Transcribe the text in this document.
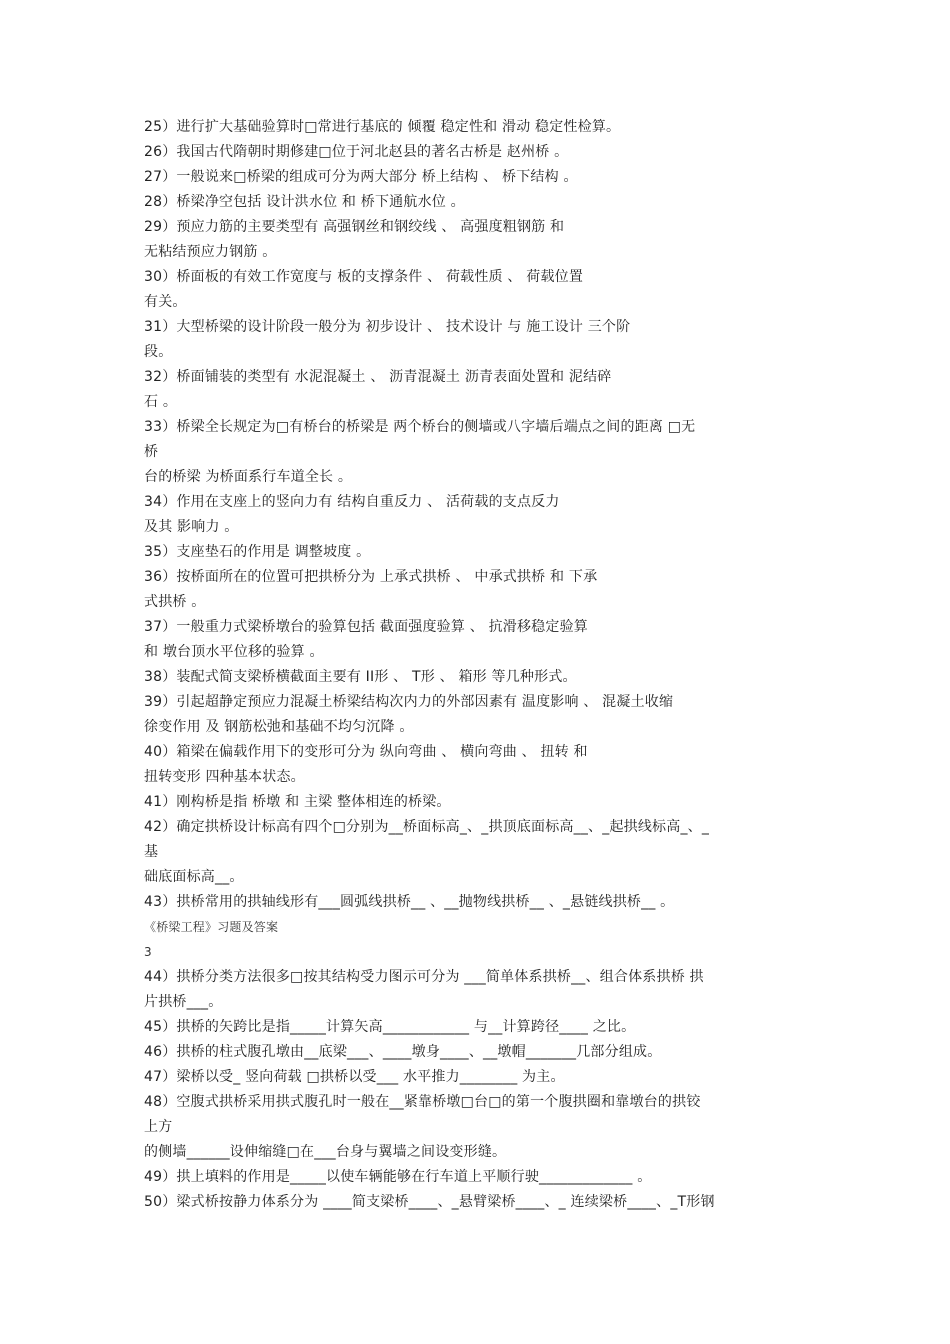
25）进行扩大基础验算时□常进行基底的 倾覆 稳定性和 滑动 稳定性检算。
26）我国古代隋朝时期修建□位于河北赵县的著名古桥是 赵州桥 。
27）一般说来□桥梁的组成可分为两大部分 桥上结构 、 桥下结构 。
28）桥梁净空包括 设计洪水位 和 桥下通航水位 。
29）预应力筋的主要类型有 高强钢丝和钢绞线 、 高强度粗钢筋 和
无粘结预应力钢筋 。
30）桥面板的有效工作宽度与 板的支撑条件 、 荷载性质 、 荷载位置
有关。
31）大型桥梁的设计阶段一般分为 初步设计 、 技术设计 与 施工设计 三个阶
段。
32）桥面铺装的类型有 水泥混凝土 、 沥青混凝土 沥青表面处置和 泥结碎
石 。
33）桥梁全长规定为□有桥台的桥梁是 两个桥台的侧墙或八字墙后端点之间的距离 □无
桥
台的桥梁 为桥面系行车道全长 。
34）作用在支座上的竖向力有 结构自重反力 、 活荷载的支点反力
及其 影响力 。
35）支座垫石的作用是 调整坡度 。
36）按桥面所在的位置可把拱桥分为 上承式拱桥 、 中承式拱桥 和 下承
式拱桥 。
37）一般重力式梁桥墩台的验算包括 截面强度验算 、 抗滑移稳定验算
和 墩台顶水平位移的验算 。
38）装配式简支梁桥横截面主要有 II形 、 T形 、 箱形 等几种形式。
39）引起超静定预应力混凝土桥梁结构次内力的外部因素有 温度影响 、 混凝土收缩
徐变作用 及 钢筋松弛和基础不均匀沉降 。
40）箱梁在偏载作用下的变形可分为 纵向弯曲 、 横向弯曲 、 扭转 和
扭转变形 四种基本状态。
41）刚构桥是指 桥墩 和 主梁 整体相连的桥梁。
42）确定拱桥设计标高有四个□分别为__桥面标高_、_拱顶底面标高__、_起拱线标高_、_
基
础底面标高__。
43）拱桥常用的拱轴线形有___圆弧线拱桥__ 、__抛物线拱桥__ 、_悬链线拱桥__ 。
《桥梁工程》习题及答案
3
44）拱桥分类方法很多□按其结构受力图示可分为 ___简单体系拱桥__、组合体系拱桥 拱
片拱桥___。
45）拱桥的矢跨比是指_____计算矢高____________ 与__计算跨径____ 之比。
46）拱桥的柱式腹孔墩由__底梁___、____墩身____、__墩帽_______几部分组成。
47）梁桥以受_ 竖向荷载 □拱桥以受___ 水平推力________ 为主。
48）空腹式拱桥采用拱式腹孔时一般在__紧靠桥墩□台□的第一个腹拱圈和靠墩台的拱铰
上方
的侧墙______设伸缩缝□在___台身与翼墙之间设变形缝。
49）拱上填料的作用是_____以使车辆能够在行车道上平顺行驶_____________ 。
50）梁式桥按静力体系分为 ____简支梁桥____、_悬臂梁桥____、_ 连续梁桥____、_T形钢
